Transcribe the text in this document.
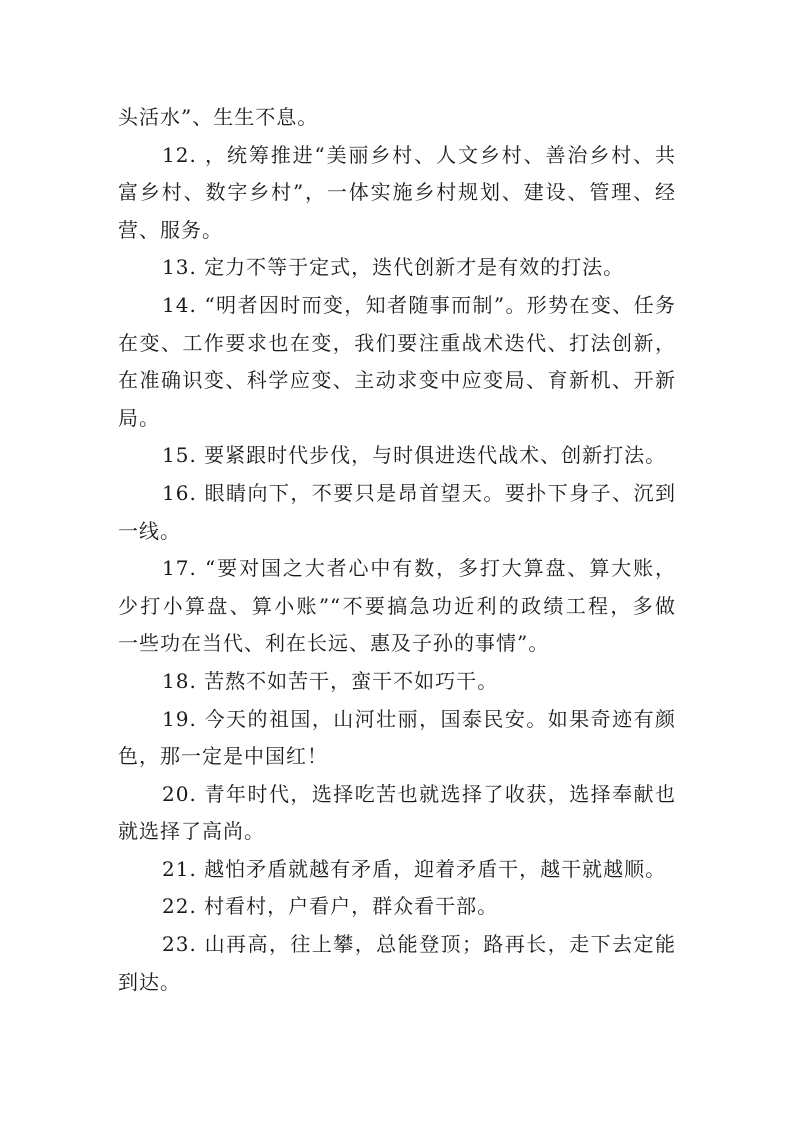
头活水”、生生不息。
12. ，统筹推进“美丽乡村、人文乡村、善治乡村、共
富乡村、数字乡村”，一体实施乡村规划、建设、管理、经
营、服务。
13. 定力不等于定式，迭代创新才是有效的打法。
14. “明者因时而变，知者随事而制”。形势在变、任务
在变、工作要求也在变，我们要注重战术迭代、打法创新，
在准确识变、科学应变、主动求变中应变局、育新机、开新
局。
15. 要紧跟时代步伐，与时俱进迭代战术、创新打法。
16. 眼睛向下，不要只是昂首望天。要扑下身子、沉到
一线。
17. “要对国之大者心中有数，多打大算盘、算大账，
少打小算盘、算小账”“不要搞急功近利的政绩工程，多做
一些功在当代、利在长远、惠及子孙的事情”。
18. 苦熬不如苦干，蛮干不如巧干。
19. 今天的祖国，山河壮丽，国泰民安。如果奇迹有颜
色，那一定是中国红！
20. 青年时代，选择吃苦也就选择了收获，选择奉献也
就选择了高尚。
21. 越怕矛盾就越有矛盾，迎着矛盾干，越干就越顺。
22. 村看村，户看户，群众看干部。
23. 山再高，往上攀，总能登顶；路再长，走下去定能
到达。
